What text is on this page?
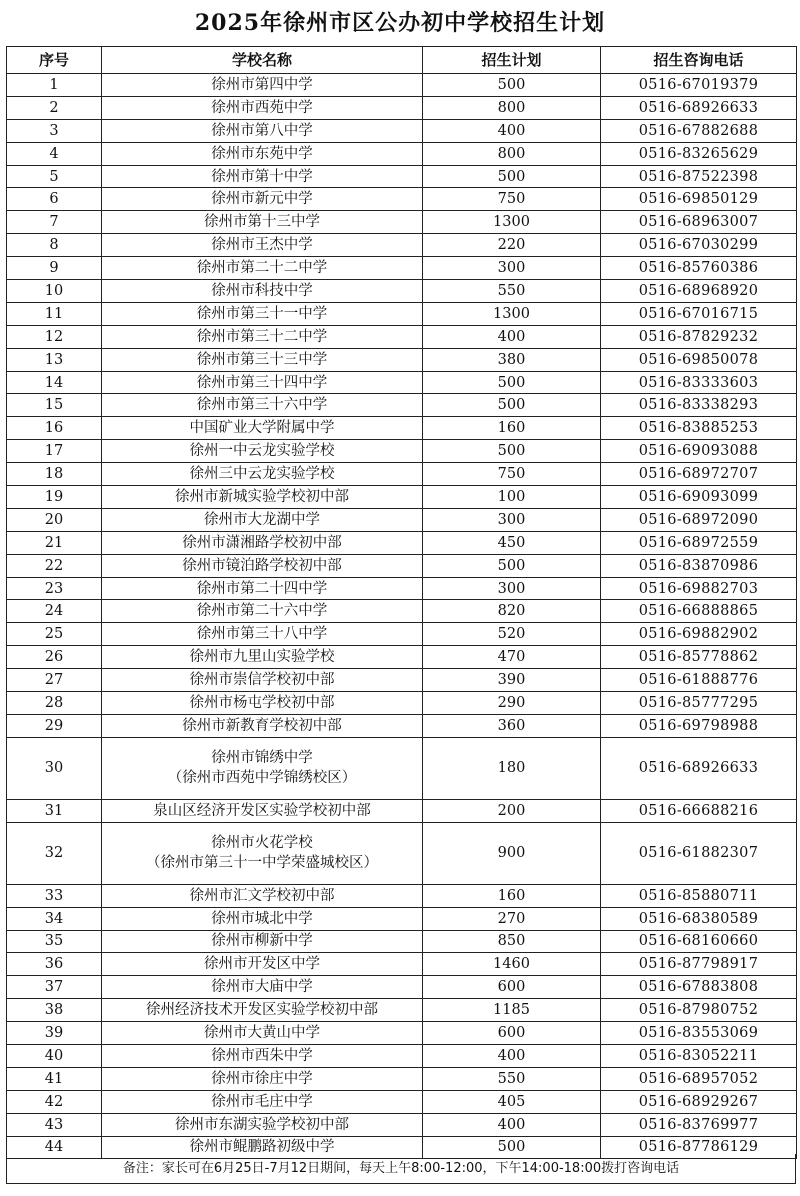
2025年徐州市区公办初中学校招生计划
序号	学校名称	招生计划	招生咨询电话
1	徐州市第四中学	500	0516-67019379
2	徐州市西苑中学	800	0516-68926633
3	徐州市第八中学	400	0516-67882688
4	徐州市东苑中学	800	0516-83265629
5	徐州市第十中学	500	0516-87522398
6	徐州市新元中学	750	0516-69850129
7	徐州市第十三中学	1300	0516-68963007
8	徐州市王杰中学	220	0516-67030299
9	徐州市第二十二中学	300	0516-85760386
10	徐州市科技中学	550	0516-68968920
11	徐州市第三十一中学	1300	0516-67016715
12	徐州市第三十二中学	400	0516-87829232
13	徐州市第三十三中学	380	0516-69850078
14	徐州市第三十四中学	500	0516-83333603
15	徐州市第三十六中学	500	0516-83338293
16	中国矿业大学附属中学	160	0516-83885253
17	徐州一中云龙实验学校	500	0516-69093088
18	徐州三中云龙实验学校	750	0516-68972707
19	徐州市新城实验学校初中部	100	0516-69093099
20	徐州市大龙湖中学	300	0516-68972090
21	徐州市潇湘路学校初中部	450	0516-68972559
22	徐州市镜泊路学校初中部	500	0516-83870986
23	徐州市第二十四中学	300	0516-69882703
24	徐州市第二十六中学	820	0516-66888865
25	徐州市第三十八中学	520	0516-69882902
26	徐州市九里山实验学校	470	0516-85778862
27	徐州市崇信学校初中部	390	0516-61888776
28	徐州市杨屯学校初中部	290	0516-85777295
29	徐州市新教育学校初中部	360	0516-69798988
30	徐州市锦绣中学
（徐州市西苑中学锦绣校区）	180	0516-68926633
31	泉山区经济开发区实验学校初中部	200	0516-66688216
32	徐州市火花学校
（徐州市第三十一中学荣盛城校区）	900	0516-61882307
33	徐州市汇文学校初中部	160	0516-85880711
34	徐州市城北中学	270	0516-68380589
35	徐州市柳新中学	850	0516-68160660
36	徐州市开发区中学	1460	0516-87798917
37	徐州市大庙中学	600	0516-67883808
38	徐州经济技术开发区实验学校初中部	1185	0516-87980752
39	徐州市大黄山中学	600	0516-83553069
40	徐州市西朱中学	400	0516-83052211
41	徐州市徐庄中学	550	0516-68957052
42	徐州市毛庄中学	405	0516-68929267
43	徐州市东湖实验学校初中部	400	0516-83769977
44	徐州市鲲鹏路初级中学	500	0516-87786129
备注：家长可在6月25日-7月12日期间，每天上午8:00-12:00，下午14:00-18:00拨打咨询电话
